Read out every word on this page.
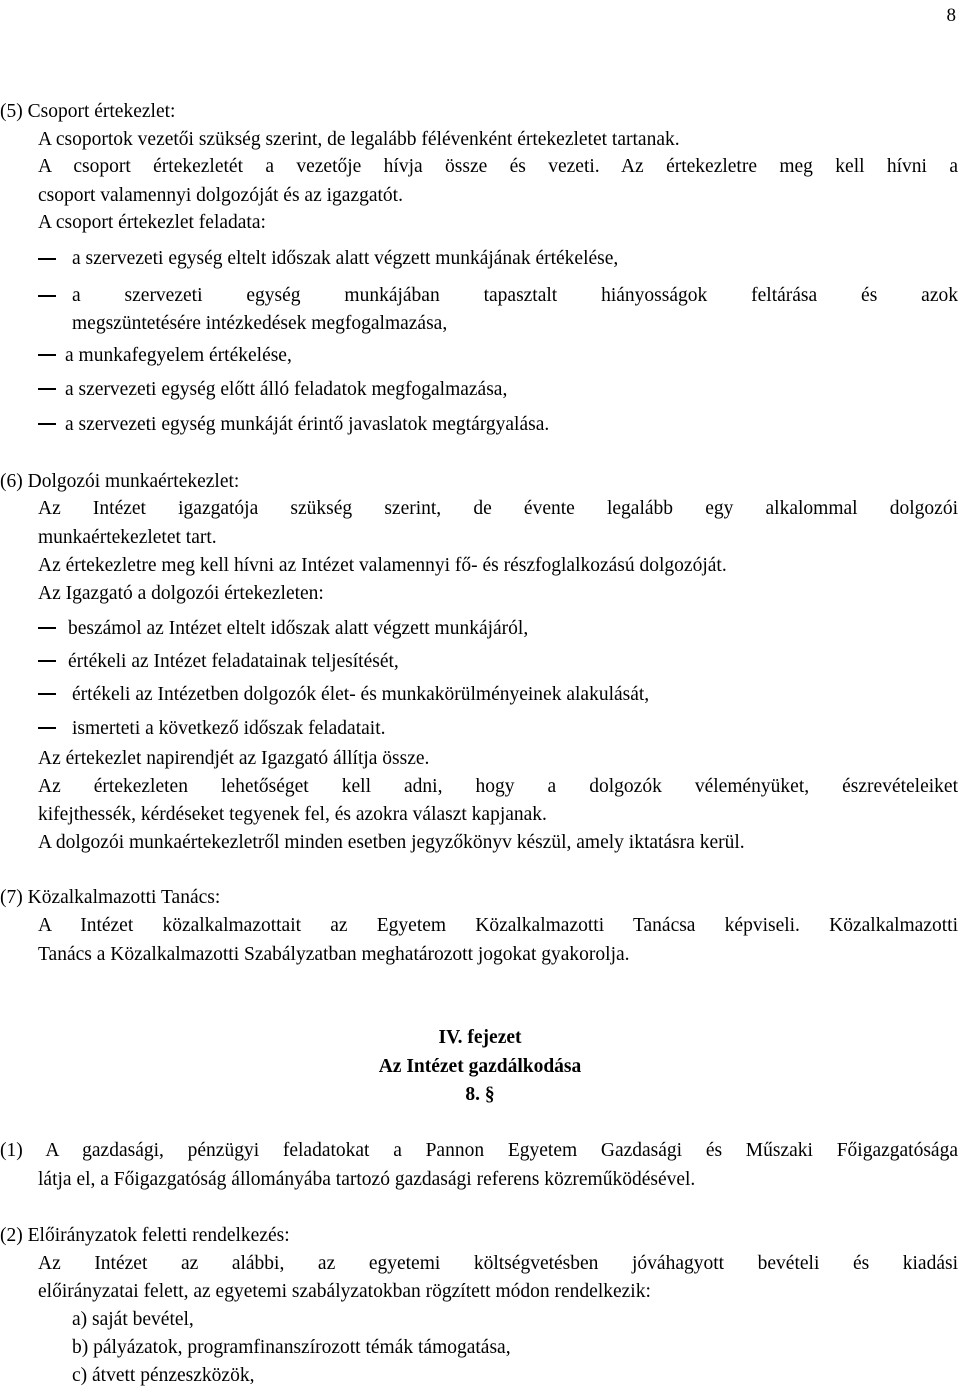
8
(5) Csoport értekezlet:
A csoportok vezetői szükség szerint, de legalább félévenként értekezletet tartanak.
A csoport értekezletét a vezetője hívja össze és vezeti. Az értekezletre meg kell hívni a
csoport valamennyi dolgozóját és az igazgatót.
A csoport értekezlet feladata:
a szervezeti egység eltelt időszak alatt végzett munkájának értékelése,
a szervezeti egység munkájában tapasztalt hiányosságok feltárása és azok
megszüntetésére intézkedések megfogalmazása,
a munkafegyelem értékelése,
a szervezeti egység előtt álló feladatok megfogalmazása,
a szervezeti egység munkáját érintő javaslatok megtárgyalása.
(6) Dolgozói munkaértekezlet:
Az Intézet igazgatója szükség szerint, de évente legalább egy alkalommal dolgozói
munkaértekezletet tart.
Az értekezletre meg kell hívni az Intézet valamennyi fő- és részfoglalkozású dolgozóját.
Az Igazgató a dolgozói értekezleten:
beszámol az Intézet eltelt időszak alatt végzett munkájáról,
értékeli az Intézet feladatainak teljesítését,
értékeli az Intézetben dolgozók élet- és munkakörülményeinek alakulását,
ismerteti a következő időszak feladatait.
Az értekezlet napirendjét az Igazgató állítja össze.
Az értekezleten lehetőséget kell adni, hogy a dolgozók véleményüket, észrevételeiket
kifejthessék, kérdéseket tegyenek fel, és azokra választ kapjanak.
A dolgozói munkaértekezletről minden esetben jegyzőkönyv készül, amely iktatásra kerül.
(7) Közalkalmazotti Tanács:
A Intézet közalkalmazottait az Egyetem Közalkalmazotti Tanácsa képviseli. Közalkalmazotti
Tanács a Közalkalmazotti Szabályzatban meghatározott jogokat gyakorolja.
IV. fejezet
Az Intézet gazdálkodása
8. §
(1) A gazdasági, pénzügyi feladatokat a Pannon Egyetem Gazdasági és Műszaki Főigazgatósága
látja el, a Főigazgatóság állományába tartozó gazdasági referens közreműködésével.
(2) Előirányzatok feletti rendelkezés:
Az Intézet az alábbi, az egyetemi költségvetésben jóváhagyott bevételi és kiadási
előirányzatai felett, az egyetemi szabályzatokban rögzített módon rendelkezik:
a) saját bevétel,
b) pályázatok, programfinanszírozott témák támogatása,
c) átvett pénzeszközök,
